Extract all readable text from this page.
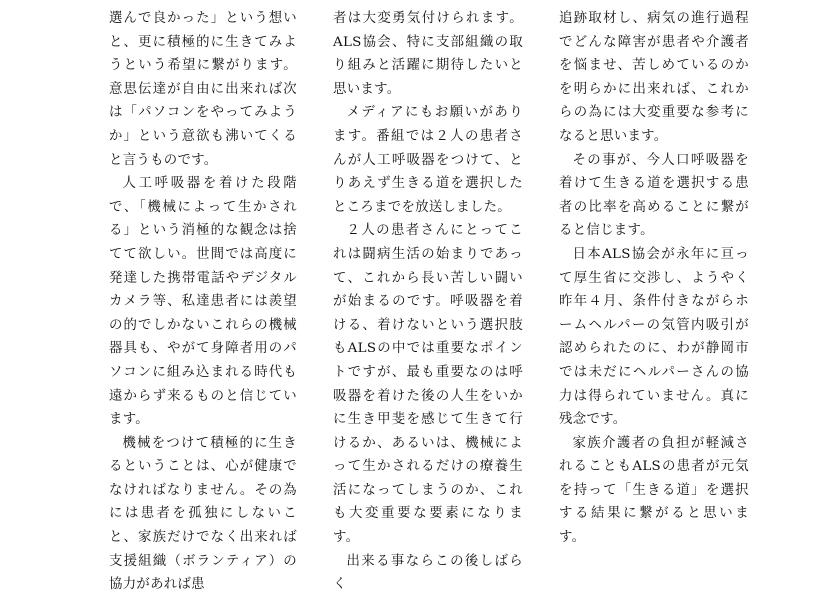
選んで良かった」という想いと、更に積極的に生きてみようという希望に繋がります。意思伝達が自由に出来れば次は「パソコンをやってみようか」という意欲も沸いてくると言うものです。

人工呼吸器を着けた段階で、「機械によって生かされる」という消極的な観念は捨てて欲しい。世間では高度に発達した携帯電話やデジタルカメラ等、私達患者には羨望の的でしかないこれらの機械器具も、やがて身障者用のパソコンに組み込まれる時代も遠からず来るものと信じています。

機械をつけて積極的に生きるということは、心が健康でなければなりません。その為には患者を孤独にしないこと、家族だけでなく出来れば支援組織（ボランティア）の協力があれば患

者は大変勇気付けられます。ALS協会、特に支部組織の取り組みと活躍に期待したいと思います。

メディアにもお願いがあります。番組では２人の患者さんが人工呼吸器をつけて、とりあえず生きる道を選択したところまでを放送しました。

２人の患者さんにとってこれは闘病生活の始まりであって、これから長い苦しい闘いが始まるのです。呼吸器を着ける、着けないという選択肢もALSの中では重要なポイントですが、最も重要なのは呼吸器を着けた後の人生をいかに生き甲斐を感じて生きて行けるか、あるいは、機械によって生かされるだけの療養生活になってしまうのか、これも大変重要な要素になります。

出来る事ならこの後しばらく

追跡取材し、病気の進行過程でどんな障害が患者や介護者を悩ませ、苦しめているのかを明らかに出来れば、これからの為には大変重要な参考になると思います。

その事が、今人口呼吸器を着けて生きる道を選択する患者の比率を高めることに繋がると信じます。

日本ALS協会が永年に亘って厚生省に交渉し、ようやく昨年４月、条件付きながらホームヘルパーの気管内吸引が認められたのに、わが静岡市では未だにヘルパーさんの協力は得られていません。真に残念です。

家族介護者の負担が軽減されることもALSの患者が元気を持って「生きる道」を選択する結果に繋がると思います。
